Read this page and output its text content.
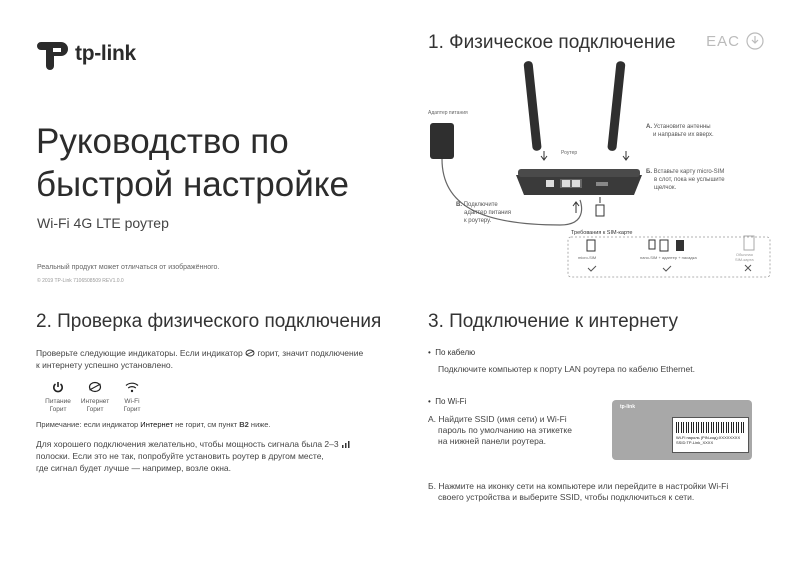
tp-link
Руководство по
быстрой настройке
Wi-Fi 4G LTE роутер
Реальный продукт может отличаться от изображённого.
© 2019 TP-Link 7106508509 REV1.0.0
1. Физическое подключение EAC
Адаптер питания
Роутер
A. Установите антенны
и направьте их вверх.
Б. Вставьте карту micro-SIM
в слот, пока не услышите
щелчок.
В. Подключите
адаптер питания
к роутеру.
Требования к SIM-карте
micro-SIM	nano-SIM + адаптер + насадка
Обычная
SIM-карта
2. Проверка физического подключения
Проверьте следующие индикаторы. Если индикатор горит, значит подключение
к интернету успешно установлено.
Питание
Горит
Интернет
Горит
Wi-Fi
Горит
Примечание: если индикатор Интернет не горит, см пункт B2 ниже.
Для хорошего подключения желательно, чтобы мощность сигнала была 2–3
полоски. Если это не так, попробуйте установить роутер в другом месте,
где сигнал будет лучше — например, возле окна.
3. Подключение к интернету
•  По кабелю
Подключите компьютер к порту LAN роутера по кабелю Ethernet.
•  По Wi-Fi
A. Найдите SSID (имя сети) и Wi-Fi
пароль по умолчанию на этикетке
на нижней панели роутера.
tp-link
Wi-Fi пароль (PIN-код):XXXXXXXX
SSID:TP-Link_XXXX
Б. Нажмите на иконку сети на компьютере или перейдите в настройки Wi-Fi
своего устройства и выберите SSID, чтобы подключиться к сети.
